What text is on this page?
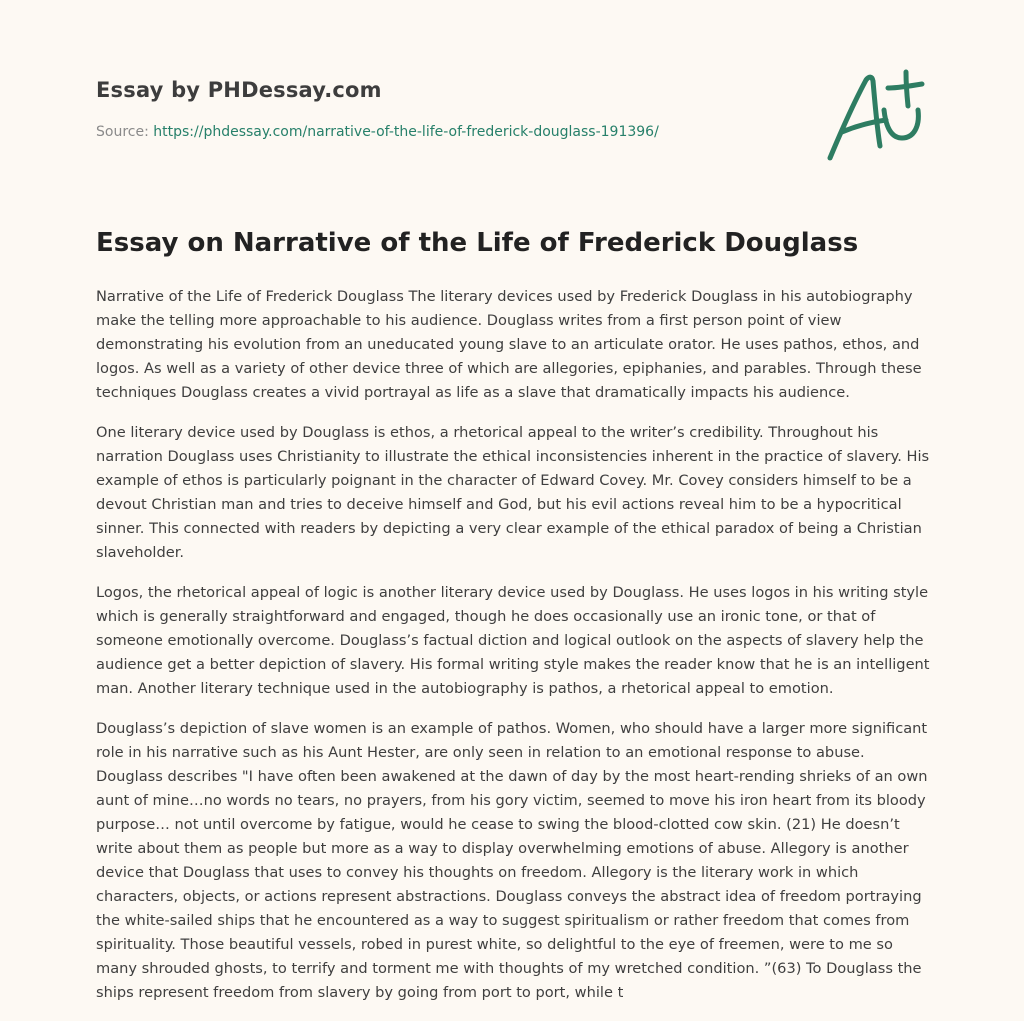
Essay by PHDessay.com
Source: https://phdessay.com/narrative-of-the-life-of-frederick-douglass-191396/
Essay on Narrative of the Life of Frederick Douglass

Narrative of the Life of Frederick Douglass The literary devices used by Frederick Douglass in his autobiography make the telling more approachable to his audience. Douglass writes from a first person point of view demonstrating his evolution from an uneducated young slave to an articulate orator. He uses pathos, ethos, and logos. As well as a variety of other device three of which are allegories, epiphanies, and parables. Through these techniques Douglass creates a vivid portrayal as life as a slave that dramatically impacts his audience.

One literary device used by Douglass is ethos, a rhetorical appeal to the writer’s credibility. Throughout his narration Douglass uses Christianity to illustrate the ethical inconsistencies inherent in the practice of slavery. His example of ethos is particularly poignant in the character of Edward Covey. Mr. Covey considers himself to be a devout Christian man and tries to deceive himself and God, but his evil actions reveal him to be a hypocritical sinner. This connected with readers by depicting a very clear example of the ethical paradox of being a Christian slaveholder.

Logos, the rhetorical appeal of logic is another literary device used by Douglass. He uses logos in his writing style which is generally straightforward and engaged, though he does occasionally use an ironic tone, or that of someone emotionally overcome. Douglass’s factual diction and logical outlook on the aspects of slavery help the audience get a better depiction of slavery. His formal writing style makes the reader know that he is an intelligent man. Another literary technique used in the autobiography is pathos, a rhetorical appeal to emotion.

Douglass’s depiction of slave women is an example of pathos. Women, who should have a larger more significant role in his narrative such as his Aunt Hester, are only seen in relation to an emotional response to abuse. Douglass describes "I have often been awakened at the dawn of day by the most heart-rending shrieks of an own aunt of mine…no words no tears, no prayers, from his gory victim, seemed to move his iron heart from its bloody purpose… not until overcome by fatigue, would he cease to swing the blood-clotted cow skin. (21) He doesn’t write about them as people but more as a way to display overwhelming emotions of abuse. Allegory is another device that Douglass that uses to convey his thoughts on freedom. Allegory is the literary work in which characters, objects, or actions represent abstractions. Douglass conveys the abstract idea of freedom portraying the white-sailed ships that he encountered as a way to suggest spiritualism or rather freedom that comes from spirituality. Those beautiful vessels, robed in purest white, so delightful to the eye of freemen, were to me so many shrouded ghosts, to terrify and torment me with thoughts of my wretched condition. ”(63) To Douglass the ships represent freedom from slavery by going from port to port, while t
